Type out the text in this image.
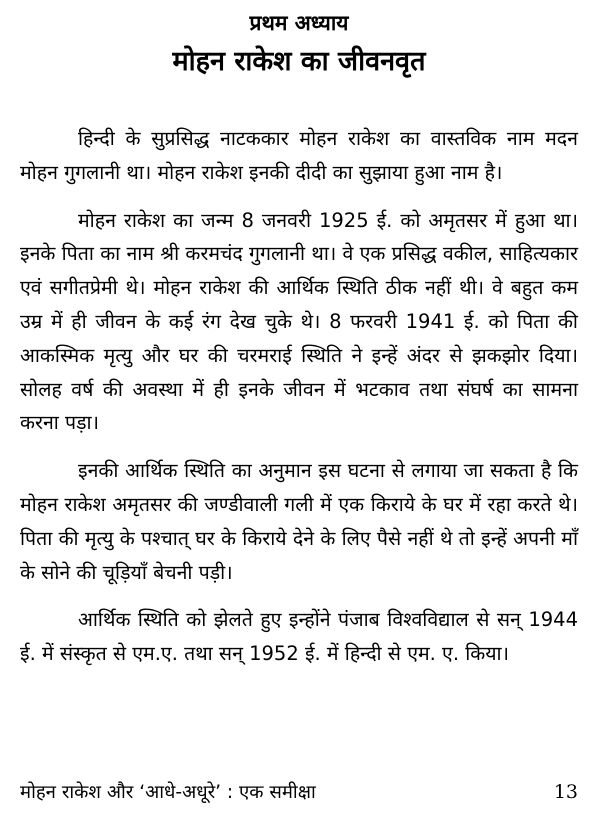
प्रथम अध्याय
मोहन राकेश का जीवनवृत

हिन्दी के सुप्रसिद्ध नाटककार मोहन राकेश का वास्तविक नाम मदन मोहन गुगलानी था। मोहन राकेश इनकी दीदी का सुझाया हुआ नाम है।

मोहन राकेश का जन्म 8 जनवरी 1925 ई. को अमृतसर में हुआ था। इनके पिता का नाम श्री करमचंद गुगलानी था। वे एक प्रसिद्ध वकील, साहित्यकार एवं सगीतप्रेमी थे। मोहन राकेश की आर्थिक स्थिति ठीक नहीं थी। वे बहुत कम उम्र में ही जीवन के कई रंग देख चुके थे। 8 फरवरी 1941 ई. को पिता की आकस्मिक मृत्यु और घर की चरमराई स्थिति ने इन्हें अंदर से झकझोर दिया। सोलह वर्ष की अवस्था में ही इनके जीवन में भटकाव तथा संघर्ष का सामना करना पड़ा।

इनकी आर्थिक स्थिति का अनुमान इस घटना से लगाया जा सकता है कि मोहन राकेश अमृतसर की जण्डीवाली गली में एक किराये के घर में रहा करते थे। पिता की मृत्यु के पश्चात् घर के किराये देने के लिए पैसे नहीं थे तो इन्हें अपनी माँ के सोने की चूड़ियाँ बेचनी पड़ी।

आर्थिक स्थिति को झेलते हुए इन्होंने पंजाब विश्वविद्याल से सन् 1944 ई. में संस्कृत से एम.ए. तथा सन् 1952 ई. में हिन्दी से एम. ए. किया।

मोहन राकेश और ‘आधे-अधूरे’ : एक समीक्षा	13
